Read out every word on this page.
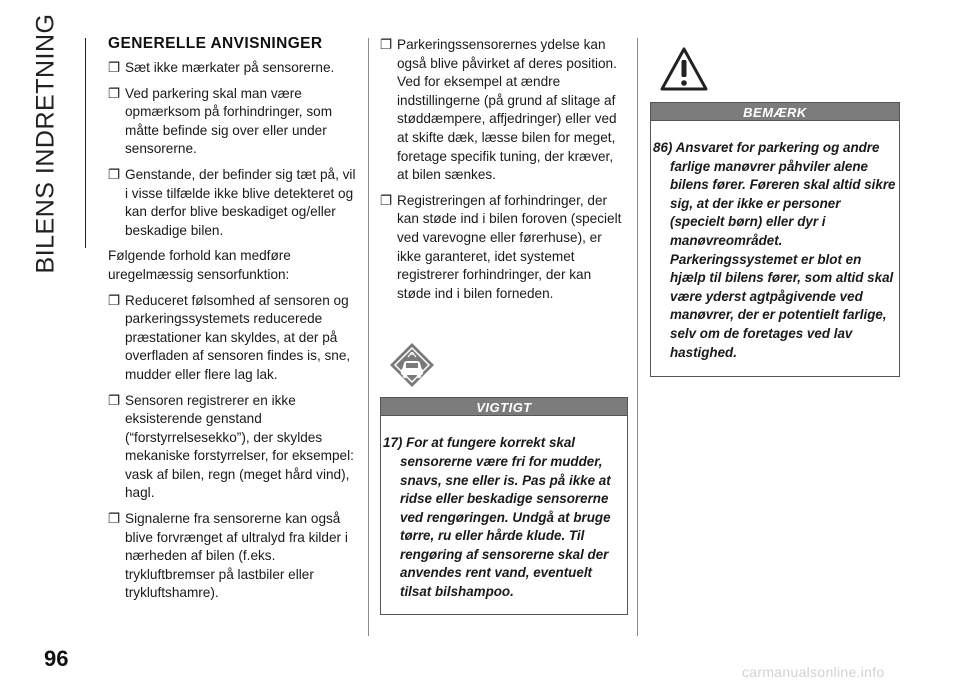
BILENS INDRETNING	GENERELLE ANVISNINGER
❐ Sæt ikke mærkater på sensorerne.
❐ Ved parkering skal man være opmærksom på forhindringer, som måtte befinde sig over eller under sensorerne.
❐ Genstande, der befinder sig tæt på, vil i visse tilfælde ikke blive detekteret og kan derfor blive beskadiget og/eller beskadige bilen.

Følgende forhold kan medføre uregelmæssig sensorfunktion:

❐ Reduceret følsomhed af sensoren og parkeringssystemets reducerede præstationer kan skyldes, at der på overfladen af sensoren findes is, sne, mudder eller flere lag lak.
❐ Sensoren registrerer en ikke eksisterende genstand (“forstyrrelsesekko”), der skyldes mekaniske forstyrrelser, for eksempel: vask af bilen, regn (meget hård vind), hagl.
❐ Signalerne fra sensorerne kan også blive forvrænget af ultralyd fra kilder i nærheden af bilen (f.eks. trykluftbremser på lastbiler eller trykluftshamre).
❐ Parkeringssensorernes ydelse kan også blive påvirket af deres position. Ved for eksempel at ændre indstillingerne (på grund af slitage af støddæmpere, affjedringer) eller ved at skifte dæk, læsse bilen for meget, foretage specifik tuning, der kræver, at bilen sænkes.
❐ Registreringen af forhindringer, der kan støde ind i bilen foroven (specielt ved varevogne eller førerhuse), er ikke garanteret, idet systemet registrerer forhindringer, der kan støde ind i bilen forneden.
VIGTIGT

17) For at fungere korrekt skal sensorerne være fri for mudder, snavs, sne eller is. Pas på ikke at ridse eller beskadige sensorerne ved rengøringen. Undgå at bruge tørre, ru eller hårde klude. Til rengøring af sensorerne skal der anvendes rent vand, eventuelt tilsat bilshampoo.

BEMÆRK

86) Ansvaret for parkering og andre farlige manøvrer påhviler alene bilens fører. Føreren skal altid sikre sig, at der ikke er personer (specielt børn) eller dyr i manøvreområdet. Parkeringssystemet er blot en hjælp til bilens fører, som altid skal være yderst agtpågivende ved manøvrer, der er potentielt farlige, selv om de foretages ved lav hastighed.

96
carmanualsonline.info
